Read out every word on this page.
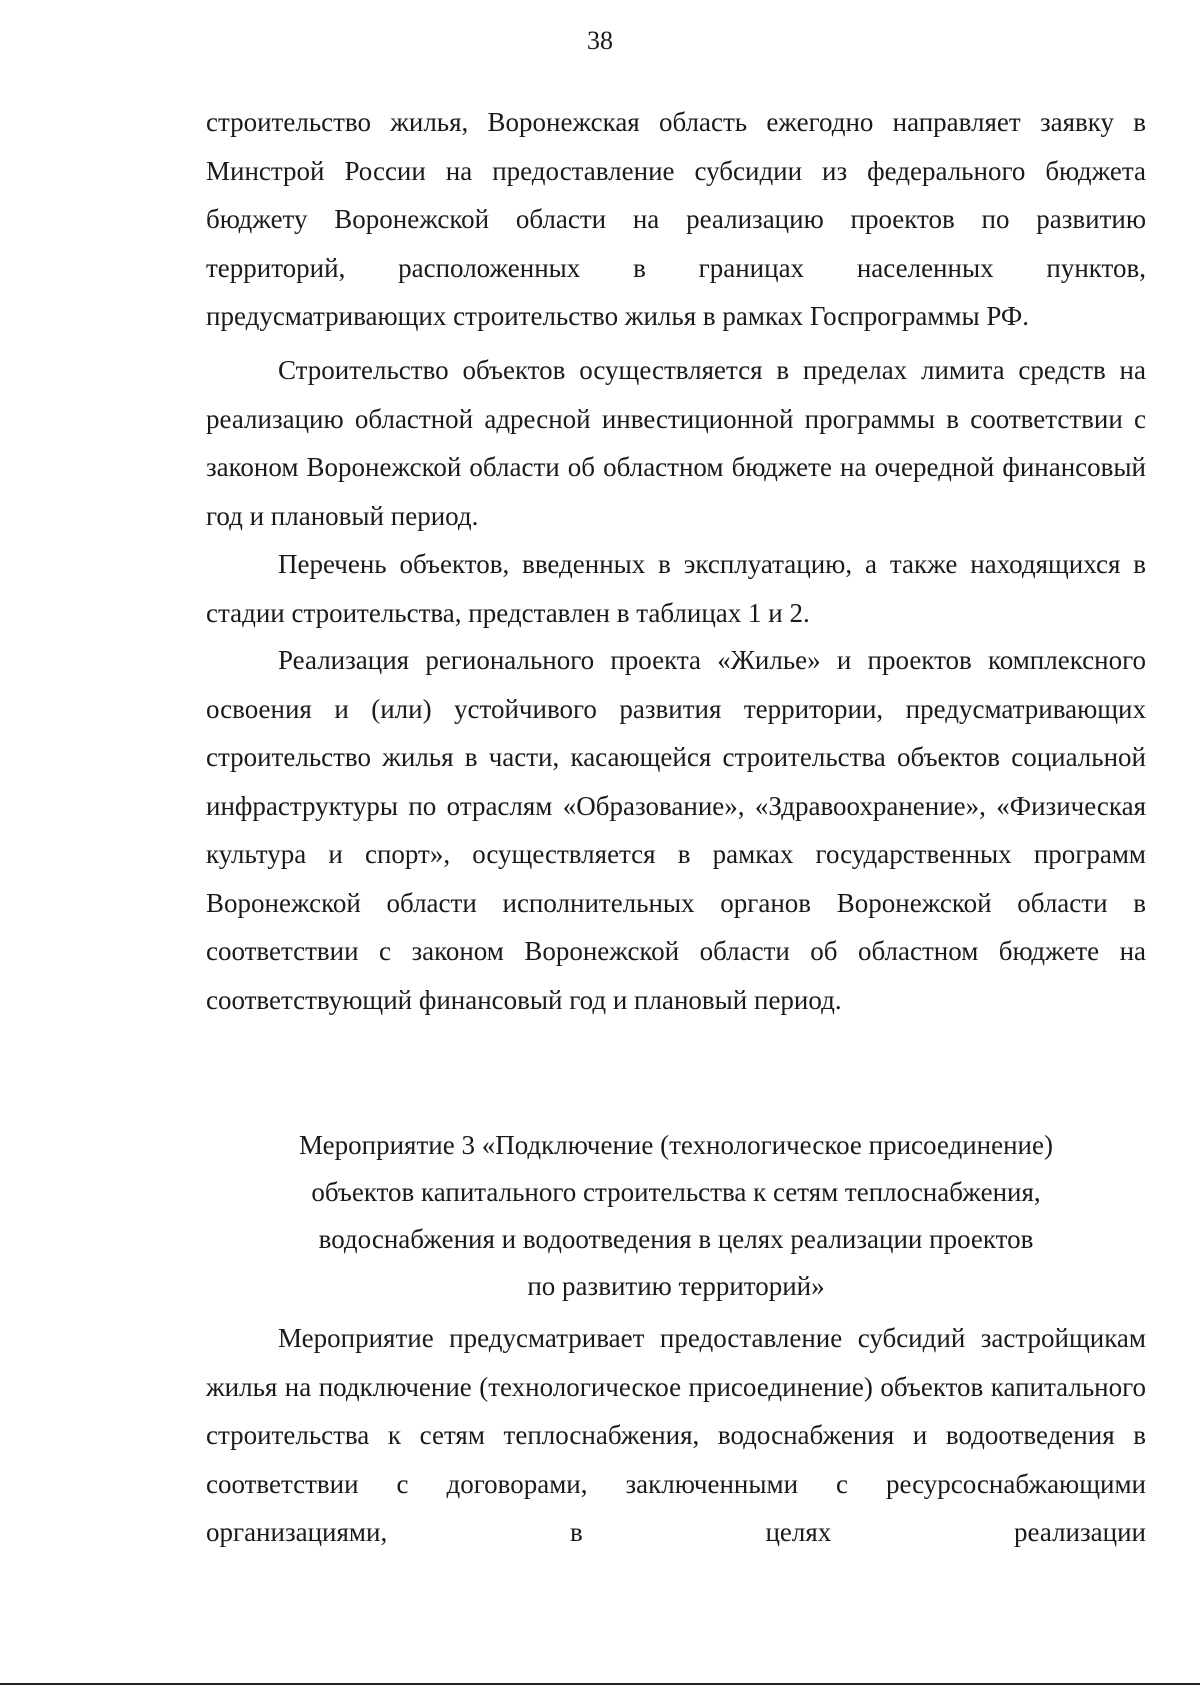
38

строительство жилья, Воронежская область ежегодно направляет заявку в Минстрой России на предоставление субсидии из федерального бюджета бюджету Воронежской области на реализацию проектов по развитию территорий, расположенных в границах населенных пунктов, предусматривающих строительство жилья в рамках Госпрограммы РФ.

Строительство объектов осуществляется в пределах лимита средств на реализацию областной адресной инвестиционной программы в соответствии с законом Воронежской области об областном бюджете на очередной финансовый год и плановый период.

Перечень объектов, введенных в эксплуатацию, а также находящихся в стадии строительства, представлен в таблицах 1 и 2.

Реализация регионального проекта «Жилье» и проектов комплексного освоения и (или) устойчивого развития территории, предусматривающих строительство жилья в части, касающейся строительства объектов социальной инфраструктуры по отраслям «Образование», «Здравоохранение», «Физическая культура и спорт», осуществляется в рамках государственных программ Воронежской области исполнительных органов Воронежской области в соответствии с законом Воронежской области об областном бюджете на соответствующий финансовый год и плановый период.

Мероприятие 3 «Подключение (технологическое присоединение)
объектов капитального строительства к сетям теплоснабжения,
водоснабжения и водоотведения в целях реализации проектов
по развитию территорий»

Мероприятие предусматривает предоставление субсидий застройщикам жилья на подключение (технологическое присоединение) объектов капитального строительства к сетям теплоснабжения, водоснабжения и водоотведения в соответствии с договорами, заключенными с ресурсоснабжающими организациями, в целях реализации
